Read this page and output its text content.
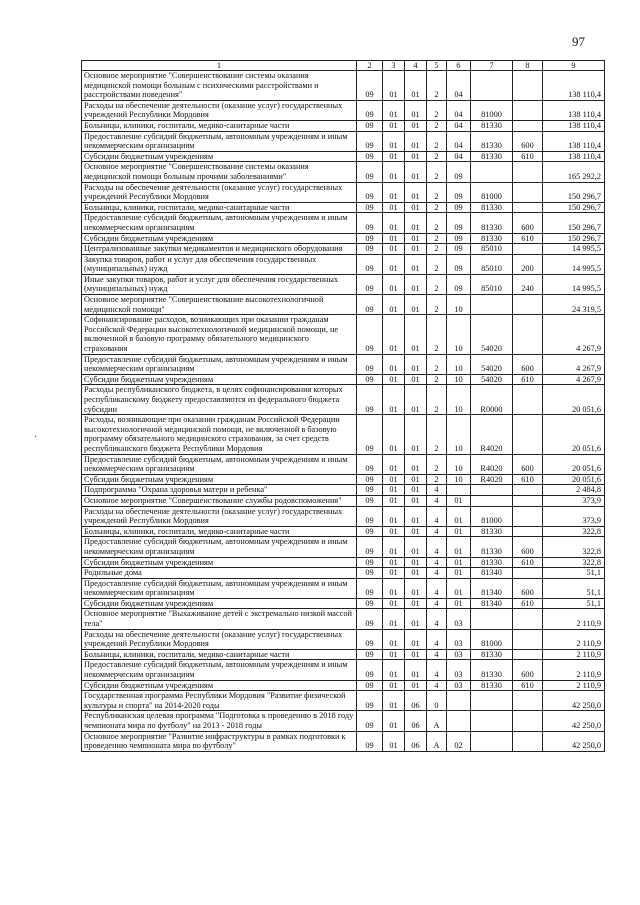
97
·
1	2	3	4	5	6	7	8	9
Основное мероприятие "Совершенствование системы оказания медицинской помощи больным с психическими расстройствами и расстройствами поведения"	09	01	01	2	04			138 110,4
Расходы на обеспечение деятельности (оказание услуг) государственных учреждений Республики Мордовия	09	01	01	2	04	81000		138 110,4
Больницы, клиники, госпитали, медико-санитарные части	09	01	01	2	04	81330		138 110,4
Предоставление субсидий бюджетным, автономным учреждениям и иным некоммерческим организациям	09	01	01	2	04	81330	600	138 110,4
Субсидии бюджетным учреждениям	09	01	01	2	04	81330	610	138 110,4
Основное мероприятие "Совершенствование системы оказания медицинской помощи больным прочими заболеваниями"	09	01	01	2	09			165 292,2
Расходы на обеспечение деятельности (оказание услуг) государственных учреждений Республики Мордовия	09	01	01	2	09	81000		150 296,7
Больницы, клиники, госпитали, медико-санитарные части	09	01	01	2	09	81330		150 296,7
Предоставление субсидий бюджетным, автономным учреждениям и иным некоммерческим организациям	09	01	01	2	09	81330	600	150 296,7
Субсидии бюджетным учреждениям	09	01	01	2	09	81330	610	150 296,7
Централизованные закупки медикаментов и медицинского оборудования	09	01	01	2	09	85010		14 995,5
Закупка товаров, работ и услуг для обеспечения государственных (муниципальных) нужд	09	01	01	2	09	85010	200	14 995,5
Иные закупки товаров, работ и услуг для обеспечения государственных (муниципальных) нужд	09	01	01	2	09	85010	240	14 995,5
Основное мероприятие "Совершенствование высокотехнологичной медицинской помощи"	09	01	01	2	10			24 319,5
Софинансирование расходов, возникающих при оказании гражданам Российской Федерации высокотехнологичной медицинской помощи, не включенной в базовую программу обязательного медицинского страхования	09	01	01	2	10	54020		4 267,9
Предоставление субсидий бюджетным, автономным учреждениям и иным некоммерческим организациям	09	01	01	2	10	54020	600	4 267,9
Субсидии бюджетным учреждениям	09	01	01	2	10	54020	610	4 267,9
Расходы республиканского бюджета, в целях софинансирования которых республиканскому бюджету предоставляются из федерального бюджета субсидии	09	01	01	2	10	R0000		20 051,6
Расходы, возникающие при оказании гражданам Российской Федерации высокотехнологичной медицинской помощи, не включенной в базовую программу обязательного медицинского страхования, за счет средств республиканского бюджета Республики Мордовия	09	01	01	2	10	R4020		20 051,6
Предоставление субсидий бюджетным, автономным учреждениям и иным некоммерческим организациям	09	01	01	2	10	R4020	600	20 051,6
Субсидии бюджетным учреждениям	09	01	01	2	10	R4020	610	20 051,6
Подпрограмма "Охрана здоровья матери и ребенка"	09	01	01	4				2 484,8
Основное мероприятие "Совершенствование службы родовспоможения"	09	01	01	4	01			373,9
Расходы на обеспечение деятельности (оказание услуг) государственных учреждений Республики Мордовия	09	01	01	4	01	81000		373,9
Больницы, клиники, госпитали, медико-санитарные части	09	01	01	4	01	81330		322,8
Предоставление субсидий бюджетным, автономным учреждениям и иным некоммерческим организациям	09	01	01	4	01	81330	600	322,8
Субсидии бюджетным учреждениям	09	01	01	4	01	81330	610	322,8
Родильные дома	09	01	01	4	01	81340		51,1
Предоставление субсидий бюджетным, автономным учреждениям и иным некоммерческим организациям	09	01	01	4	01	81340	600	51,1
Субсидии бюджетным учреждениям	09	01	01	4	01	81340	610	51,1
Основное мероприятие "Выхаживание детей с экстремально низкой массой тела"	09	01	01	4	03			2 110,9
Расходы на обеспечение деятельности (оказание услуг) государственных учреждений Республики Мордовия	09	01	01	4	03	81000		2 110,9
Больницы, клиники, госпитали, медико-санитарные части	09	01	01	4	03	81330		2 110,9
Предоставление субсидий бюджетным, автономным учреждениям и иным некоммерческим организациям	09	01	01	4	03	81330	600	2 110,9
Субсидии бюджетным учреждениям	09	01	01	4	03	81330	610	2 110,9
Государственная программа Республики Мордовия "Развитие физической культуры и спорта" на 2014-2020 годы	09	01	06	0				42 250,0
Республиканская целевая программа "Подготовка к проведению в 2018 году чемпионата мира по футболу" на 2013 - 2018 годы	09	01	06	А				42 250,0
Основное мероприятие "Развитие инфраструктуры в рамках подготовки к проведению чемпионата мира по футболу"	09	01	06	А	02			42 250,0
